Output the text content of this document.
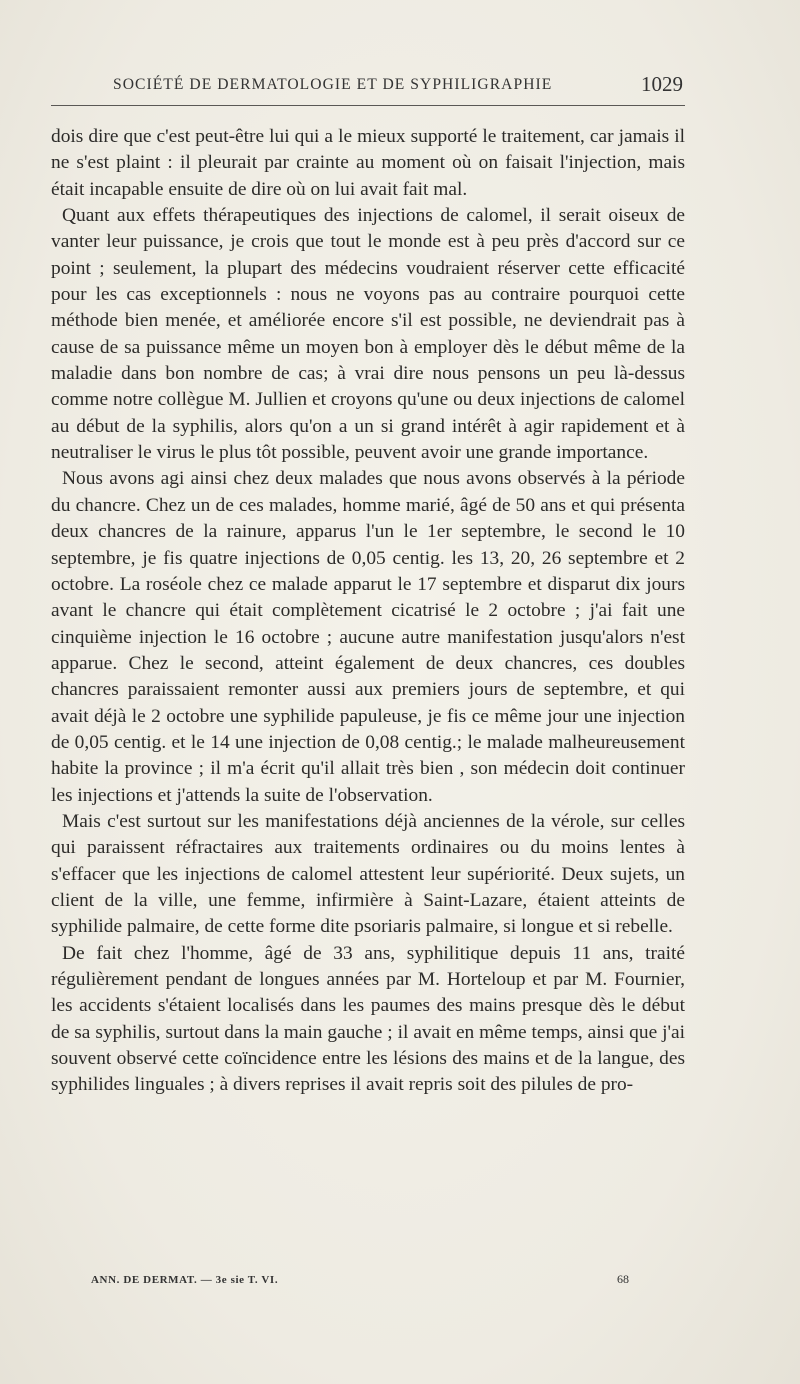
SOCIÉTÉ DE DERMATOLOGIE ET DE SYPHILIGRAPHIE	1029

dois dire que c'est peut-être lui qui a le mieux supporté le traitement, car jamais il ne s'est plaint : il pleurait par crainte au moment où on faisait l'injection, mais était incapable ensuite de dire où on lui avait fait mal.

Quant aux effets thérapeutiques des injections de calomel, il serait oiseux de vanter leur puissance, je crois que tout le monde est à peu près d'accord sur ce point ; seulement, la plupart des médecins voudraient réserver cette efficacité pour les cas exceptionnels : nous ne voyons pas au contraire pourquoi cette méthode bien menée, et améliorée encore s'il est possible, ne deviendrait pas à cause de sa puissance même un moyen bon à employer dès le début même de la maladie dans bon nombre de cas; à vrai dire nous pensons un peu là-dessus comme notre collègue M. Jullien et croyons qu'une ou deux injections de calomel au début de la syphilis, alors qu'on a un si grand intérêt à agir rapidement et à neutraliser le virus le plus tôt possible, peuvent avoir une grande importance.

Nous avons agi ainsi chez deux malades que nous avons observés à la période du chancre. Chez un de ces malades, homme marié, âgé de 50 ans et qui présenta deux chancres de la rainure, apparus l'un le 1er septembre, le second le 10 septembre, je fis quatre injections de 0,05 centig. les 13, 20, 26 septembre et 2 octobre. La roséole chez ce malade apparut le 17 septembre et disparut dix jours avant le chancre qui était complètement cicatrisé le 2 octobre ; j'ai fait une cinquième injection le 16 octobre ; aucune autre manifestation jusqu'alors n'est apparue. Chez le second, atteint également de deux chancres, ces doubles chancres paraissaient remonter aussi aux premiers jours de septembre, et qui avait déjà le 2 octobre une syphilide papuleuse, je fis ce même jour une injection de 0,05 centig. et le 14 une injection de 0,08 centig.; le malade malheureusement habite la province ; il m'a écrit qu'il allait très bien , son médecin doit continuer les injections et j'attends la suite de l'observation.

Mais c'est surtout sur les manifestations déjà anciennes de la vérole, sur celles qui paraissent réfractaires aux traitements ordinaires ou du moins lentes à s'effacer que les injections de calomel attestent leur supériorité. Deux sujets, un client de la ville, une femme, infirmière à Saint-Lazare, étaient atteints de syphilide palmaire, de cette forme dite psoriaris palmaire, si longue et si rebelle.

De fait chez l'homme, âgé de 33 ans, syphilitique depuis 11 ans, traité régulièrement pendant de longues années par M. Horteloup et par M. Fournier, les accidents s'étaient localisés dans les paumes des mains presque dès le début de sa syphilis, surtout dans la main gauche ; il avait en même temps, ainsi que j'ai souvent observé cette coïncidence entre les lésions des mains et de la langue, des syphilides linguales ; à divers reprises il avait repris soit des pilules de pro-

ANN. DE DERMAT. — 3e sie T. VI.	68
